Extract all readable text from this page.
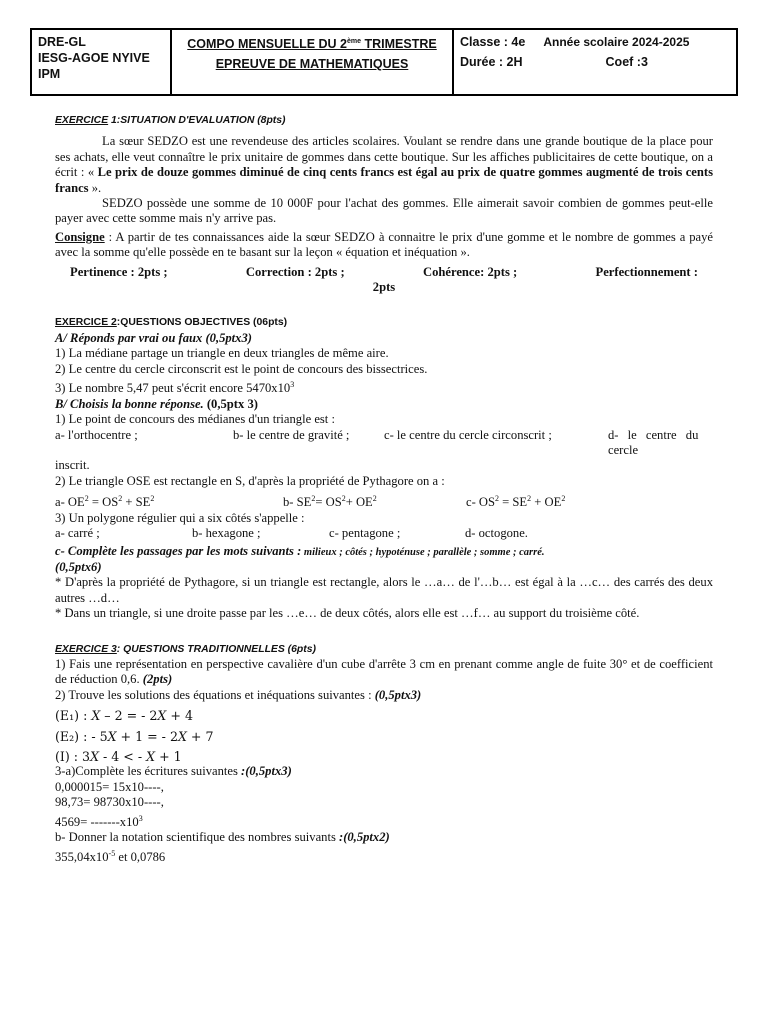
DRE-GL
IESG-AGOE NYIVE
IPM
COMPO MENSUELLE DU 2ème TRIMESTRE
EPREUVE DE MATHEMATIQUES
Classe : 4e Année scolaire 2024-2025
Durée : 2H	Coef :3
EXERCICE 1:SITUATION D'EVALUATION (8pts)

La sœur SEDZO est une revendeuse des articles scolaires. Voulant se rendre dans une grande boutique de la place pour ses achats, elle veut connaître le prix unitaire de gommes dans cette boutique. Sur les affiches publicitaires de cette boutique, on a écrit : « Le prix de douze gommes diminué de cinq cents francs est égal au prix de quatre gommes augmenté de trois cents francs ».

SEDZO possède une somme de 10 000F pour l'achat des gommes. Elle aimerait savoir combien de gommes peut-elle payer avec cette somme mais n'y arrive pas.

Consigne : A partir de tes connaissances aide la sœur SEDZO à connaitre le prix d'une gomme et le nombre de gommes a payé avec la somme qu'elle possède en te basant sur la leçon « équation et inéquation ».

Pertinence : 2pts ;	Correction : 2pts ;	Cohérence: 2pts ;	Perfectionnement :
2pts
EXERCICE 2:QUESTIONS OBJECTIVES (06pts)
A/ Réponds par vrai ou faux (0,5ptx3)
1) La médiane partage un triangle en deux triangles de même aire.
2) Le centre du cercle circonscrit est le point de concours des bissectrices.
3) Le nombre 5,47 peut s'écrit encore $5470x10^3$
B/ Choisis la bonne réponse. (0,5ptx 3)
1) Le point de concours des médianes d'un triangle est :
a- l'orthocentre ;	b- le centre de gravité ;	c- le centre du cercle circonscrit ;	d- le centre du cercle
inscrit.
2) Le triangle OSE est rectangle en S, d'après la propriété de Pythagore on a :
a- $OE^2 = OS^2 + SE^2$	b- $SE^2= OS^2+ OE^2$	c- $OS^2 = SE^2 + OE^2$
3) Un polygone régulier qui a six côtés s'appelle :
a- carré ;	b- hexagone ;	c- pentagone ;	d- octogone.
c- Complète les passages par les mots suivants : milieux ; côtés ; hypoténuse ; parallèle ; somme ; carré.
(0,5ptx6)

* D'après la propriété de Pythagore, si un triangle est rectangle, alors le …a… de l'…b… est égal à la …c… des carrés des deux autres …d…

* Dans un triangle, si une droite passe par les …e… de deux côtés, alors elle est …f… au support du troisième côté.

EXERCICE 3: QUESTIONS TRADITIONNELLES (6pts)

1) Fais une représentation en perspective cavalière d'un cube d'arrête 3 cm en prenant comme angle de fuite 30° et de coefficient de réduction 0,6. (2pts)

2) Trouve les solutions des équations et inéquations suivantes : (0,5ptx3)
(E₁) : 𝑋 – 2 = - 2𝑋 + 4
(E₂) : - 5𝑋 + 1 = - 2𝑋 + 7
(I) : 3𝑋 - 4 < - 𝑋 + 1
3-a)Complète les écritures suivantes :(0,5ptx3)
0,000015= 15x10----,
98,73= 98730x10----,
$4569= -------x10^3$
b- Donner la notation scientifique des nombres suivants :(0,5ptx2)
$355,04x10^{-5}$ et 0,0786
